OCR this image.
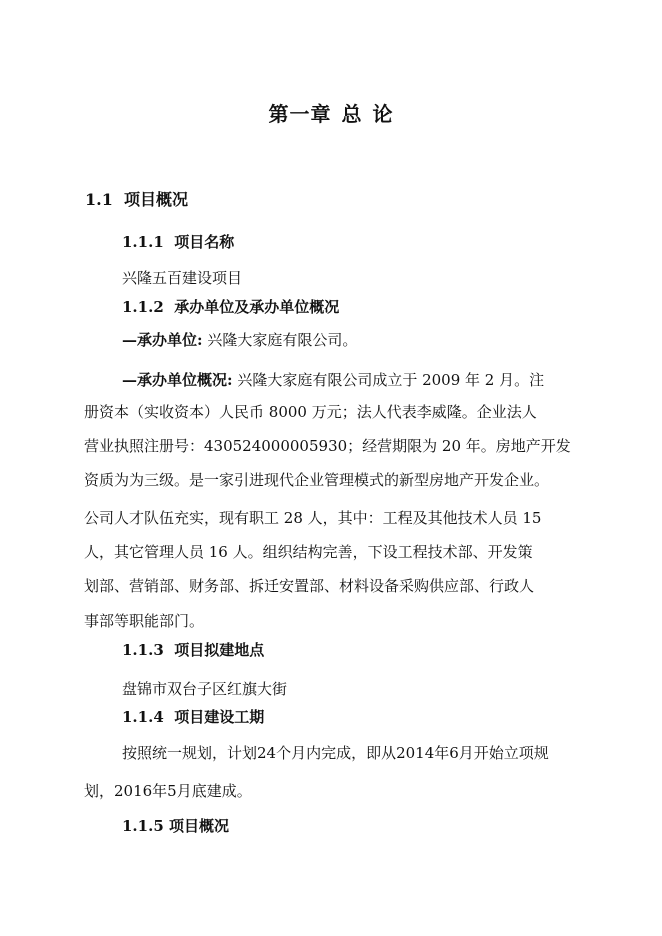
第一章 总 论
1.1 项目概况
1.1.1 项目名称
兴隆五百建设项目
1.1.2 承办单位及承办单位概况
—承办单位: 兴隆大家庭有限公司。
—承办单位概况: 兴隆大家庭有限公司成立于 2009 年 2 月。注
册资本（实收资本）人民币 8000 万元；法人代表李威隆。企业法人
营业执照注册号：430524000005930；经营期限为 20 年。房地产开发
资质为为三级。是一家引进现代企业管理模式的新型房地产开发企业。
公司人才队伍充实，现有职工 28 人，其中：工程及其他技术人员 15
人，其它管理人员 16 人。组织结构完善，下设工程技术部、开发策
划部、营销部、财务部、拆迁安置部、材料设备采购供应部、行政人
事部等职能部门。
1.1.3 项目拟建地点
盘锦市双台子区红旗大街
1.1.4 项目建设工期
按照统一规划，计划24个月内完成，即从2014年6月开始立项规
划，2016年5月底建成。
1.1.5 项目概况
